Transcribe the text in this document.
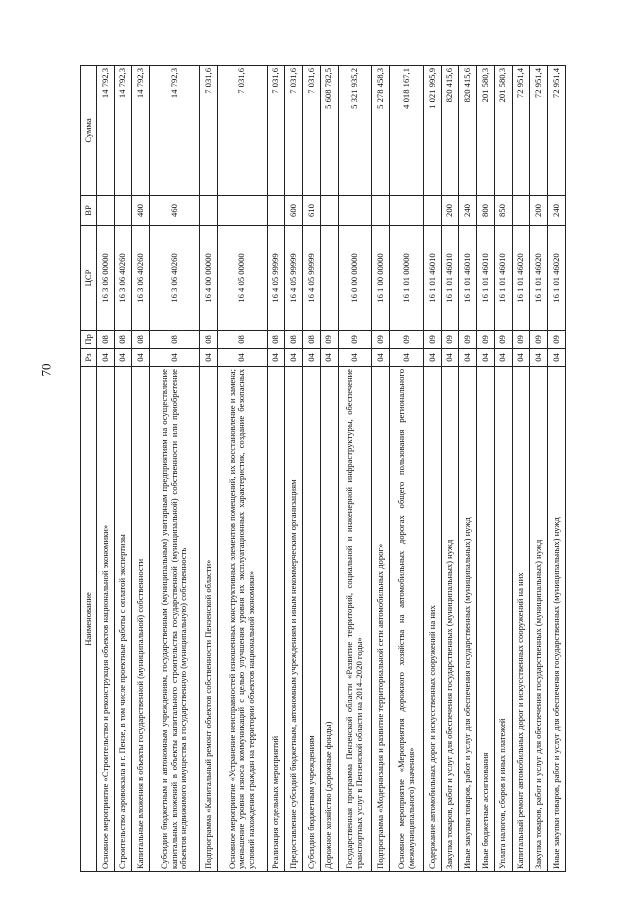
70
Наименование	Рз	Пр	ЦСР	ВР	Сумма
Основное мероприятие «Строительство и реконструкция объектов национальной экономики»	04	08	16 3 06 00000		14 792,3
Строительство аэровокзала в г. Пензе, в том числе проектные работы с оплатой экспертизы	04	08	16 3 06 40260		14 792,3
Капитальные вложения в объекты государственной (муниципальной) собственности	04	08	16 3 06 40260	400	14 792,3
Субсидии бюджетным и автономным учреждениям, государственным (муниципальным) унитарным предприятиям на осуществление капитальных вложений в объекты капитального строительства государственной (муниципальной) собственности или приобретение объектов недвижимого имущества в государственную (муниципальную) собственность	04	08	16 3 06 40260	460	14 792,3
Подпрограмма «Капитальный ремонт объектов собственности Пензенской области»	04	08	16 4 00 00000		7 031,6
Основное мероприятие «Устранение неисправностей изношенных конструктивных элементов помещений, их восстановление и замена; уменьшение уровня износа коммуникаций с целью улучшения уровня их эксплуатационных характеристик, создание безопасных условий нахождения граждан на территории объектов национальной экономики»	04	08	16 4 05 00000		7 031,6
Реализация отдельных мероприятий	04	08	16 4 05 99999		7 031,6
Предоставление субсидий бюджетным, автономным учреждениям и иным некоммерческим организациям	04	08	16 4 05 99999	600	7 031,6
Субсидии бюджетным учреждениям	04	08	16 4 05 99999	610	7 031,6
Дорожное хозяйство (дорожные фонды)	04	09			5 608 782,5
Государственная программа Пензенской области «Развитие территорий, социальной и инженерной инфраструктуры, обеспечение транспортных услуг в Пензенской области на 2014–2020 годы»	04	09	16 0 00 00000		5 321 935,2
Подпрограмма «Модернизация и развитие территориальной сети автомобильных дорог»	04	09	16 1 00 00000		5 278 458,3
Основное мероприятие «Мероприятия дорожного хозяйства на автомобильных дорогах общего пользования регионального (межмуниципального) значения»	04	09	16 1 01 00000		4 018 167,1
Содержание автомобильных дорог и искусственных сооружений на них	04	09	16 1 01 46010		1 021 995,9
Закупка товаров, работ и услуг для обеспечения государственных (муниципальных) нужд	04	09	16 1 01 46010	200	820 415,6
Иные закупки товаров, работ и услуг для обеспечения государственных (муниципальных) нужд	04	09	16 1 01 46010	240	820 415,6
Иные бюджетные ассигнования	04	09	16 1 01 46010	800	201 580,3
Уплата налогов, сборов и иных платежей	04	09	16 1 01 46010	850	201 580,3
Капитальный ремонт автомобильных дорог и искусственных сооружений на них	04	09	16 1 01 46020		72 951,4
Закупка товаров, работ и услуг для обеспечения государственных (муниципальных) нужд	04	09	16 1 01 46020	200	72 951,4
Иные закупки товаров, работ и услуг для обеспечения государственных (муниципальных) нужд	04	09	16 1 01 46020	240	72 951,4
